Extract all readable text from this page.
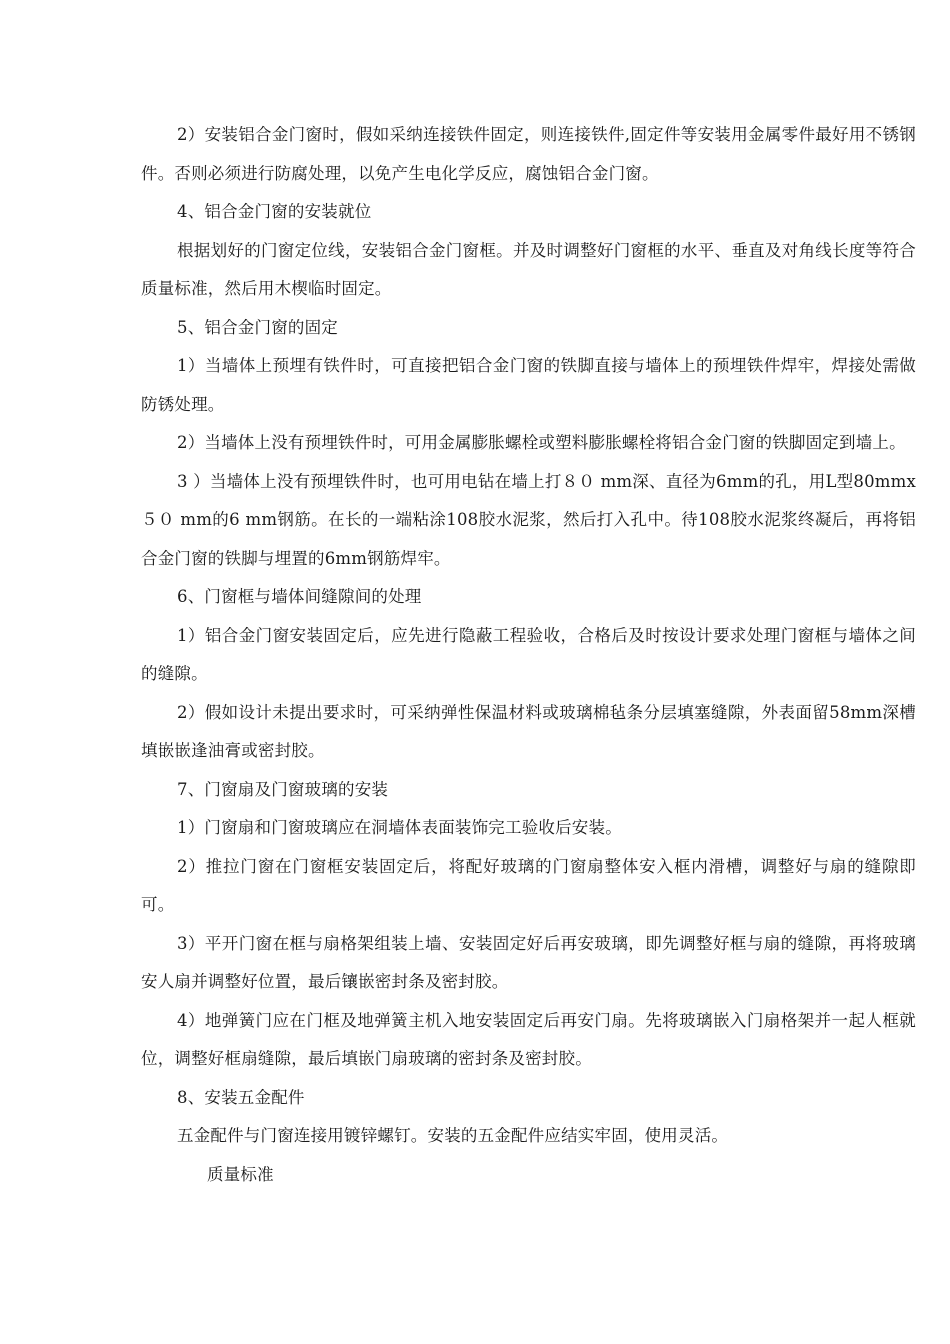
2）安装铝合金门窗时，假如采纳连接铁件固定，则连接铁件,固定件等安装用金属零件最好用不锈钢件。否则必须进行防腐处理，以免产生电化学反应，腐蚀铝合金门窗。

4、铝合金门窗的安装就位

根据划好的门窗定位线，安装铝合金门窗框。并及时调整好门窗框的水平、垂直及对角线长度等符合质量标准，然后用木楔临时固定。

5、铝合金门窗的固定

1）当墙体上预埋有铁件时，可直接把铝合金门窗的铁脚直接与墙体上的预埋铁件焊牢，焊接处需做防锈处理。

2）当墙体上没有预埋铁件时，可用金属膨胀螺栓或塑料膨胀螺栓将铝合金门窗的铁脚固定到墙上。

3 ）当墙体上没有预埋铁件时，也可用电钻在墙上打８０ mm深、直径为6mm的孔，用L型80mmx ５０ mm的6 mm钢筋。在长的一端粘涂108胶水泥浆，然后打入孔中。待108胶水泥浆终凝后，再将铝合金门窗的铁脚与埋置的6mm钢筋焊牢。

6、门窗框与墙体间缝隙间的处理

1）铝合金门窗安装固定后，应先进行隐蔽工程验收，合格后及时按设计要求处理门窗框与墙体之间的缝隙。

2）假如设计未提出要求时，可采纳弹性保温材料或玻璃棉毡条分层填塞缝隙，外表面留58mm深槽填嵌嵌逢油膏或密封胶。

7、门窗扇及门窗玻璃的安装

1）门窗扇和门窗玻璃应在洞墙体表面装饰完工验收后安装。

2）推拉门窗在门窗框安装固定后，将配好玻璃的门窗扇整体安入框内滑槽，调整好与扇的缝隙即可。

3）平开门窗在框与扇格架组装上墙、安装固定好后再安玻璃，即先调整好框与扇的缝隙，再将玻璃安人扇并调整好位置，最后镶嵌密封条及密封胶。

4）地弹簧门应在门框及地弹簧主机入地安装固定后再安门扇。先将玻璃嵌入门扇格架并一起人框就位，调整好框扇缝隙，最后填嵌门扇玻璃的密封条及密封胶。

8、安装五金配件

五金配件与门窗连接用镀锌螺钉。安装的五金配件应结实牢固，使用灵活。

质量标准
